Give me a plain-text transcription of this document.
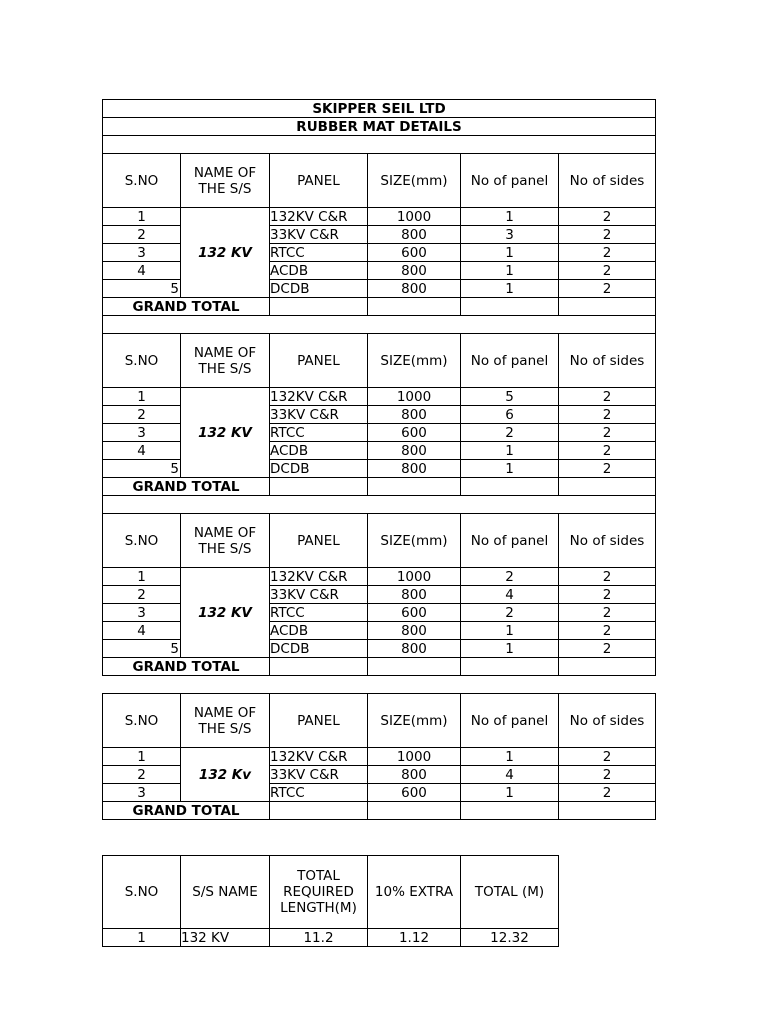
SKIPPER SEIL LTD					
RUBBER MAT DETAILS					

S.NO	NAME OF THE S/S	PANEL	SIZE(mm)	No of panel	No of sides
1	132 KV	132KV C&R	1000	1	2
2		33KV C&R	800	3	2
3		RTCC	600	1	2
4		ACDB	800	1	2
5		DCDB	800	1	2
GRAND TOTAL					

S.NO	NAME OF THE S/S	PANEL	SIZE(mm)	No of panel	No of sides
1	132 KV	132KV C&R	1000	5	2
2		33KV C&R	800	6	2
3		RTCC	600	2	2
4		ACDB	800	1	2
5		DCDB	800	1	2
GRAND TOTAL					

S.NO	NAME OF THE S/S	PANEL	SIZE(mm)	No of panel	No of sides
1	132 KV	132KV C&R	1000	2	2
2		33KV C&R	800	4	2
3		RTCC	600	2	2
4		ACDB	800	1	2
5		DCDB	800	1	2
GRAND TOTAL					

S.NO	NAME OF THE S/S	PANEL	SIZE(mm)	No of panel	No of sides
1	132 Kv	132KV C&R	1000	1	2
2		33KV C&R	800	4	2
3		RTCC	600	1	2
GRAND TOTAL					
S.NO	S/S NAME	TOTAL REQUIRED LENGTH(M)	10% EXTRA	TOTAL (M)
1	132 KV	11.2	1.12	12.32
